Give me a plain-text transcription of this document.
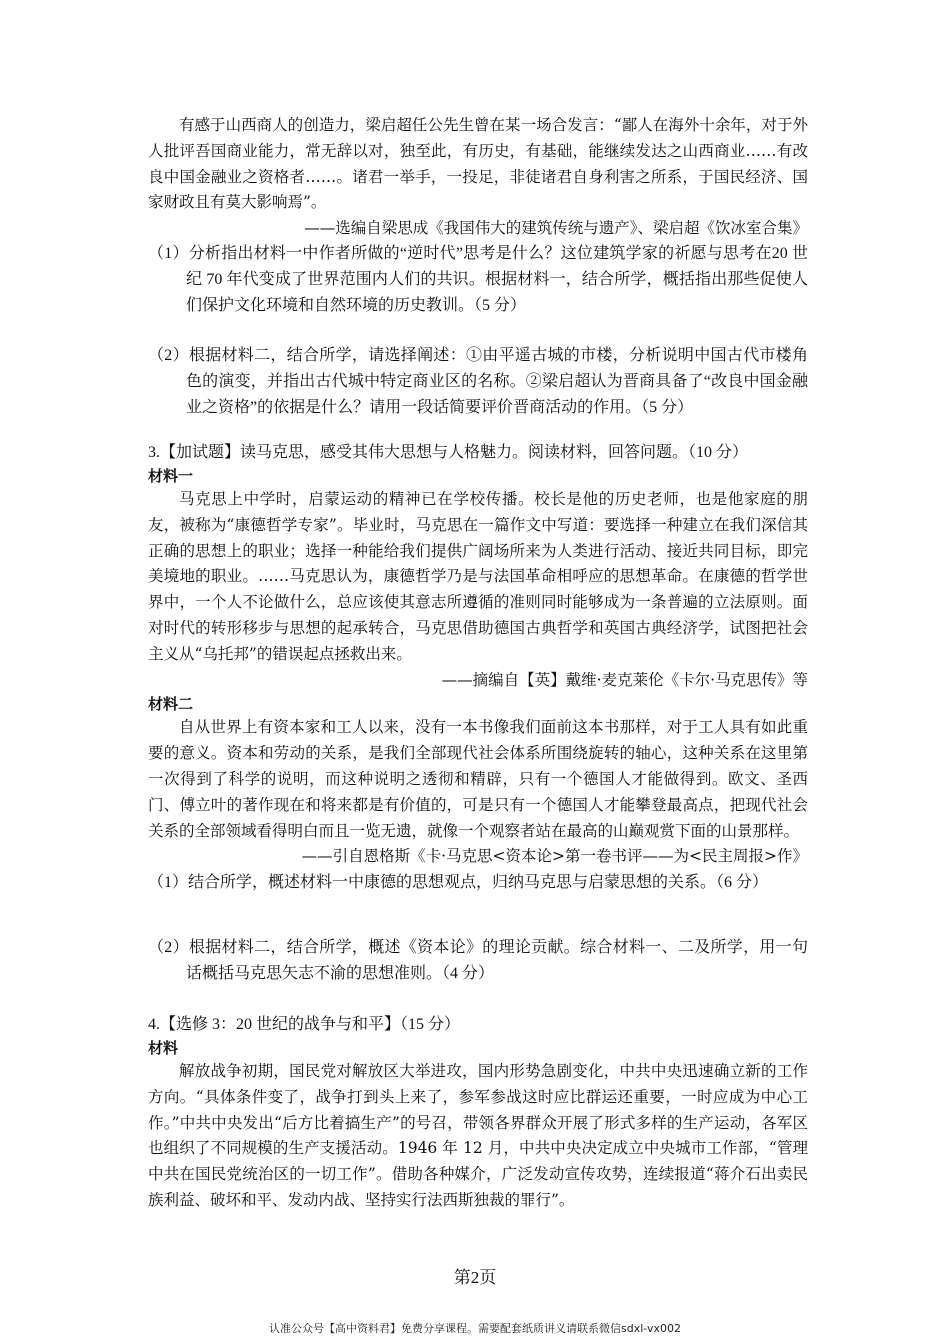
有感于山西商人的创造力，梁启超任公先生曾在某一场合发言：“鄙人在海外十余年，对于外人批评吾国商业能力，常无辞以对，独至此，有历史，有基础，能继续发达之山西商业……有改良中国金融业之资格者……。诸君一举手，一投足，非徒诸君自身利害之所系，于国民经济、国家财政且有莫大影响焉”。

——选编自梁思成《我国伟大的建筑传统与遗产》、梁启超《饮冰室合集》

（1）分析指出材料一中作者所做的“逆时代”思考是什么？这位建筑学家的祈愿与思考在20 世纪 70 年代变成了世界范围内人们的共识。根据材料一，结合所学，概括指出那些促使人们保护文化环境和自然环境的历史教训。（5 分）

（2）根据材料二，结合所学，请选择阐述：①由平遥古城的市楼，分析说明中国古代市楼角色的演变，并指出古代城中特定商业区的名称。②梁启超认为晋商具备了“改良中国金融业之资格”的依据是什么？请用一段话简要评价晋商活动的作用。（5 分）

3.【加试题】读马克思，感受其伟大思想与人格魅力。阅读材料，回答问题。（10 分）

材料一

马克思上中学时，启蒙运动的精神已在学校传播。校长是他的历史老师，也是他家庭的朋友，被称为“康德哲学专家”。毕业时，马克思在一篇作文中写道：要选择一种建立在我们深信其正确的思想上的职业；选择一种能给我们提供广阔场所来为人类进行活动、接近共同目标，即完美境地的职业。……马克思认为，康德哲学乃是与法国革命相呼应的思想革命。在康德的哲学世界中，一个人不论做什么，总应该使其意志所遵循的准则同时能够成为一条普遍的立法原则。面对时代的转形移步与思想的起承转合，马克思借助德国古典哲学和英国古典经济学，试图把社会主义从“乌托邦”的错误起点拯救出来。

——摘编自【英】戴维·麦克莱伦《卡尔·马克思传》等

材料二

自从世界上有资本家和工人以来，没有一本书像我们面前这本书那样，对于工人具有如此重要的意义。资本和劳动的关系，是我们全部现代社会体系所围绕旋转的轴心，这种关系在这里第一次得到了科学的说明，而这种说明之透彻和精辟，只有一个德国人才能做得到。欧文、圣西门、傅立叶的著作现在和将来都是有价值的，可是只有一个德国人才能攀登最高点，把现代社会关系的全部领域看得明白而且一览无遗，就像一个观察者站在最高的山巅观赏下面的山景那样。

——引自恩格斯《卡·马克思<资本论>第一卷书评——为<民主周报>作》

（1）结合所学，概述材料一中康德的思想观点，归纳马克思与启蒙思想的关系。（6 分）

（2）根据材料二，结合所学，概述《资本论》的理论贡献。综合材料一、二及所学，用一句话概括马克思矢志不渝的思想准则。（4 分）

4.【选修 3：20 世纪的战争与和平】（15 分）

材料

解放战争初期，国民党对解放区大举进攻，国内形势急剧变化，中共中央迅速确立新的工作方向。“具体条件变了，战争打到头上来了，参军参战这时应比群运还重要，一时应成为中心工作。”中共中央发出“后方比着搞生产”的号召，带领各界群众开展了形式多样的生产运动，各军区也组织了不同规模的生产支援活动。1946 年 12 月，中共中央决定成立中央城市工作部，“管理中共在国民党统治区的一切工作”。借助各种媒介，广泛发动宣传攻势，连续报道“蒋介石出卖民族利益、破坏和平、发动内战、坚持实行法西斯独裁的罪行”。

第2页
认准公众号【高中资料君】免费分享课程。需要配套纸质讲义请联系微信sdxl-vx002
